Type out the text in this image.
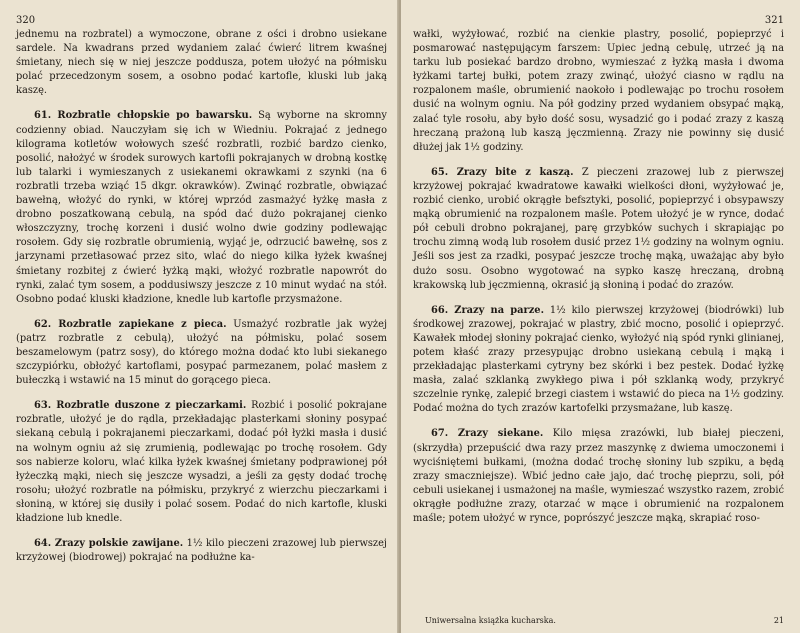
320

jednemu na rozbratel) a wymoczone, obrane z ości i drobno usiekane sardele. Na kwadrans przed wydaniem zalać ćwierć litrem kwaśnej śmietany, niech się w niej jeszcze poddusza, potem ułożyć na półmisku polać przecedzonym sosem, a osobno podać kartofle, kluski lub jaką kaszę.

61. Rozbratle chłopskie po bawarsku. Są wyborne na skromny codzienny obiad. Nauczyłam się ich w Wiedniu. Pokrajać z jednego kilograma kotletów wołowych sześć rozbratli, rozbić bardzo cienko, posolić, nałożyć w środek surowych kartofli pokrajanych w drobną kostkę lub talarki i wymieszanych z usiekanemi okrawkami z szynki (na 6 rozbratli trzeba wziąć 15 dkgr. okrawków). Zwinąć rozbratle, obwiązać bawełną, włożyć do rynki, w której wprzód zasmażyć łyżkę masła z drobno poszatkowaną cebulą, na spód dać dużo pokrajanej cienko włoszczyzny, trochę korzeni i dusić wolno dwie godziny podlewając rosołem. Gdy się rozbratle obrumienią, wyjąć je, odrzucić bawełnę, sos z jarzynami przetłasować przez sito, wlać do niego kilka łyżek kwaśnej śmietany rozbitej z ćwierć łyżką mąki, włożyć rozbratle napowrót do rynki, zalać tym sosem, a poddusiwszy jeszcze z 10 minut wydać na stół. Osobno podać kluski kładzione, knedle lub kartofle przysmażone.

62. Rozbratle zapiekane z pieca. Usmażyć rozbratle jak wyżej (patrz rozbratle z cebulą), ułożyć na półmisku, polać sosem beszamelowym (patrz sosy), do którego można dodać kto lubi siekanego szczypiórku, obłożyć kartoflami, posypać parmezanem, polać masłem z bułeczką i wstawić na 15 minut do gorącego pieca.

63. Rozbratle duszone z pieczarkami. Rozbić i posolić pokrajane rozbratle, ułożyć je do rądla, przekładając plasterkami słoniny posypać siekaną cebulą i pokrajanemi pieczarkami, dodać pół łyżki masła i dusić na wolnym ogniu aż się zrumienią, podlewając po trochę rosołem. Gdy sos nabierze koloru, wlać kilka łyżek kwaśnej śmietany podprawionej pół łyżeczką mąki, niech się jeszcze wysadzi, a jeśli za gęsty dodać trochę rosołu; ułożyć rozbratle na półmisku, przykryć z wierzchu pieczarkami i słoniną, w której się dusiły i polać sosem. Podać do nich kartofle, kluski kładzione lub knedle.

64. Zrazy polskie zawijane. 1½ kilo pieczeni zrazowej lub pierwszej krzyżowej (biodrowej) pokrajać na podłużne ka-

321

wałki, wyżyłować, rozbić na cienkie plastry, posolić, popieprzyć i posmarować następującym farszem: Upiec jedną cebulę, utrzeć ją na tarku lub posiekać bardzo drobno, wymieszać z łyżką masła i dwoma łyżkami tartej bułki, potem zrazy zwinąć, ułożyć ciasno w rądlu na rozpalonem maśle, obrumienić naokoło i podlewając po trochu rosołem dusić na wolnym ogniu. Na pół godziny przed wydaniem obsypać mąką, zalać tyle rosołu, aby było dość sosu, wysadzić go i podać zrazy z kaszą hreczaną prażoną lub kaszą jęczmienną. Zrazy nie powinny się dusić dłużej jak 1½ godziny.

65. Zrazy bite z kaszą. Z pieczeni zrazowej lub z pierwszej krzyżowej pokrajać kwadratowe kawałki wielkości dłoni, wyżyłować je, rozbić cienko, urobić okrągłe befsztyki, posolić, popieprzyć i obsypawszy mąką obrumienić na rozpalonem maśle. Potem ułożyć je w rynce, dodać pół cebuli drobno pokrajanej, parę grzybków suchych i skrapiając po trochu zimną wodą lub rosołem dusić przez 1½ godziny na wolnym ogniu. Jeśli sos jest za rzadki, posypać jeszcze trochę mąką, uważając aby było dużo sosu. Osobno wygotować na sypko kaszę hreczaną, drobną krakowską lub jęczmienną, okrasić ją słoniną i podać do zrazów.

66. Zrazy na parze. 1½ kilo pierwszej krzyżowej (biodrówki) lub środkowej zrazowej, pokrajać w plastry, zbić mocno, posolić i opieprzyć. Kawałek młodej słoniny pokrajać cienko, wyłożyć nią spód rynki glinianej, potem kłaść zrazy przesypując drobno usiekaną cebulą i mąką i przekładając plasterkami cytryny bez skórki i bez pestek. Dodać łyżkę masła, zalać szklanką zwykłego piwa i pół szklanką wody, przykryć szczelnie rynkę, zalepić brzegi ciastem i wstawić do pieca na 1½ godziny. Podać można do tych zrazów kartofelki przysmażane, lub kaszę.

67. Zrazy siekane. Kilo mięsa zrazówki, lub białej pieczeni, (skrzydła) przepuścić dwa razy przez maszynkę z dwiema umoczonemi i wyciśniętemi bułkami, (można dodać trochę słoniny lub szpiku, a będą zrazy smaczniejsze). Wbić jedno całe jajo, dać trochę pieprzu, soli, pół cebuli usiekanej i usmażonej na maśle, wymieszać wszystko razem, zrobić okrągłe podłużne zrazy, otarzać w mące i obrumienić na rozpalonem maśle; potem ułożyć w rynce, poprószyć jeszcze mąką, skrapiać roso-

Uniwersalna książka kucharska.	21
